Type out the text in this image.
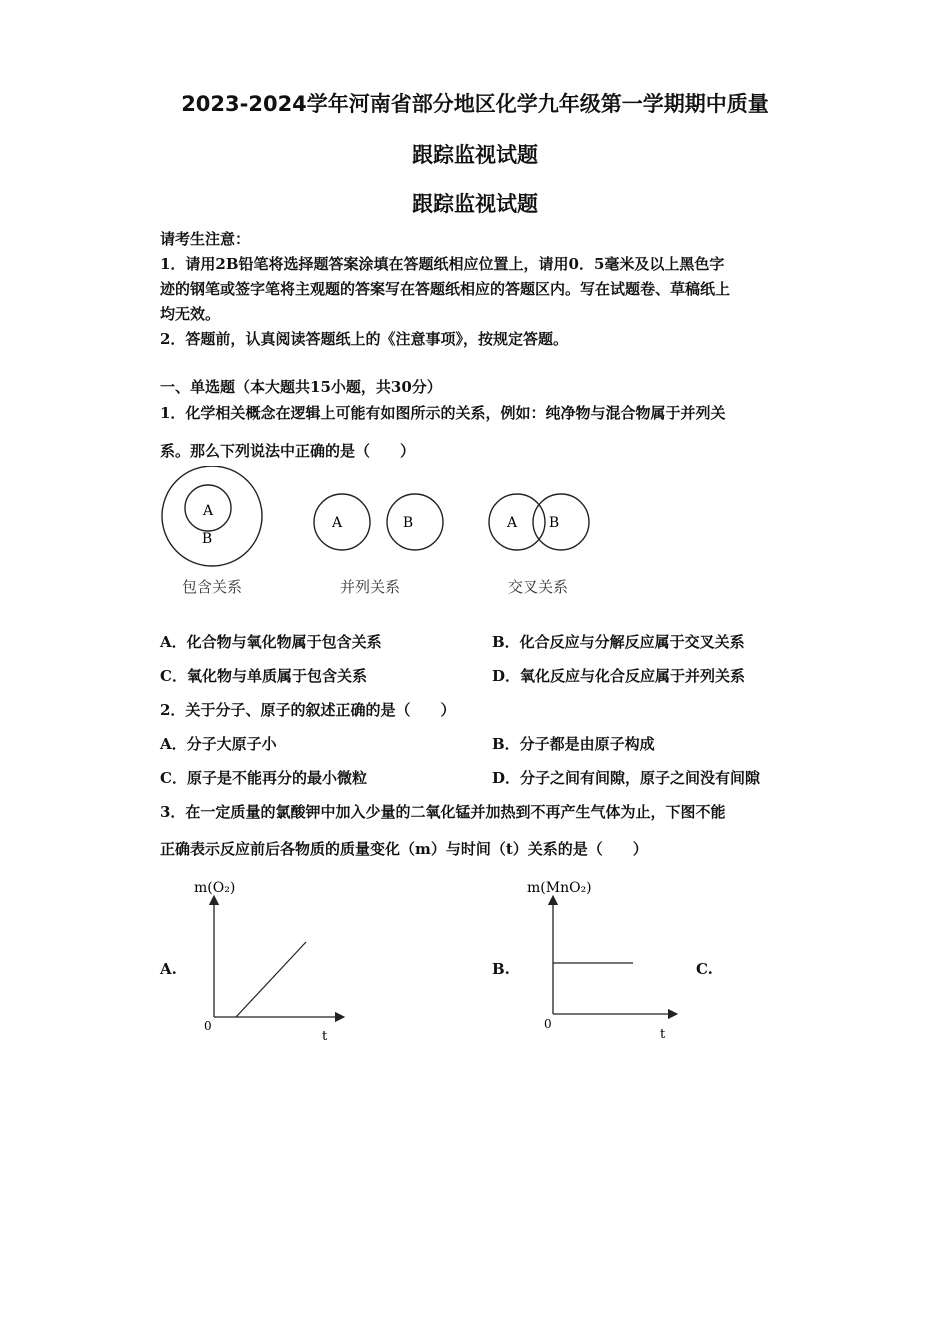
2023-2024学年河南省部分地区化学九年级第一学期期中质量
跟踪监视试题
跟踪监视试题
请考生注意：
1．请用2B铅笔将选择题答案涂填在答题纸相应位置上，请用0．5毫米及以上黑色字
迹的钢笔或签字笔将主观题的答案写在答题纸相应的答题区内。写在试题卷、草稿纸上
均无效。
2．答题前，认真阅读答题纸上的《注意事项》，按规定答题。
一、单选题（本大题共15小题，共30分）
1．化学相关概念在逻辑上可能有如图所示的关系，例如：纯净物与混合物属于并列关
系。那么下列说法中正确的是（　　）
A
B
A	B	A B
包含关系	并列关系	交叉关系
A．化合物与氧化物属于包含关系	B．化合反应与分解反应属于交叉关系
C．氧化物与单质属于包含关系	D．氧化反应与化合反应属于并列关系
2．关于分子、原子的叙述正确的是（　　）
A．分子大原子小	B．分子都是由原子构成
C．原子是不能再分的最小微粒	D．分子之间有间隙，原子之间没有间隙
3．在一定质量的氯酸钾中加入少量的二氧化锰并加热到不再产生气体为止，下图不能
正确表示反应前后各物质的质量变化（m）与时间（t）关系的是（　　）
A.
m(O₂)
0
t
B.
m(MnO₂)
0
t
C.
